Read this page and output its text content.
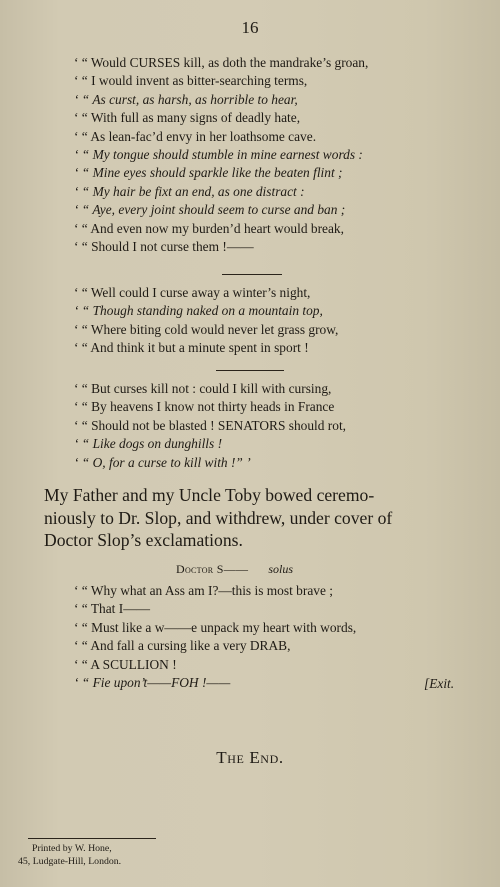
16
‘ “ Would CURSES kill, as doth the mandrake’s groan,
‘ “ I would invent as bitter-searching terms,
‘ “ As curst, as harsh, as horrible to hear,
‘ “ With full as many signs of deadly hate,
‘ “ As lean-fac’d envy in her loathsome cave.
‘ “ My tongue should stumble in mine earnest words :
‘ “ Mine eyes should sparkle like the beaten flint ;
‘ “ My hair be fixt an end, as one distract :
‘ “ Aye, every joint should seem to curse and ban ;
‘ “ And even now my burden’d heart would break,
‘ “ Should I not curse them !——
‘ “ Well could I curse away a winter’s night,
‘ “ Though standing naked on a mountain top,
‘ “ Where biting cold would never let grass grow,
‘ “ And think it but a minute spent in sport !
‘ “ But curses kill not : could I kill with cursing,
‘ “ By heavens I know not thirty heads in France
‘ “ Should not be blasted ! SENATORS should rot,
‘ “ Like dogs on dunghills !
‘ “ O, for a curse to kill with !” ’
My Father and my Uncle Toby bowed ceremo-
niously to Dr. Slop, and withdrew, under cover of
Doctor Slop’s exclamations.
Doctor S—— solus
‘ “ Why what an Ass am I?—this is most brave ;
‘ “ That I——
‘ “ Must like a w——e unpack my heart with words,
‘ “ And fall a cursing like a very DRAB,
‘ “ A SCULLION !
‘ “ Fie upon’t——FOH !——	[Exit.
The End.
Printed by W. Hone,
45, Ludgate-Hill, London.
